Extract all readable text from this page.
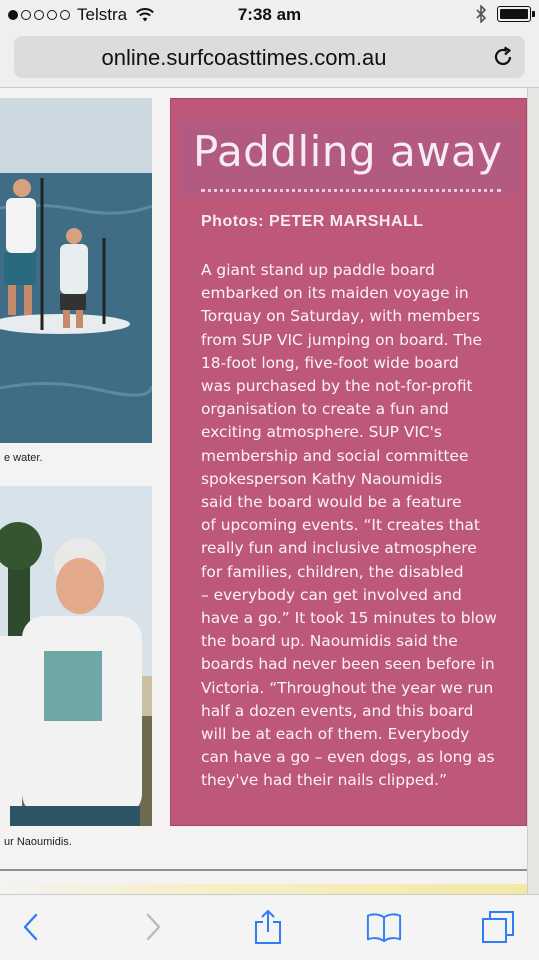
Telstra	7:38 am
online.surfcoasttimes.com.au
e water.
ur Naoumidis.
Paddling away
Photos: PETER MARSHALL
A giant stand up paddle board
embarked on its maiden voyage in
Torquay on Saturday, with members
from SUP VIC jumping on board. The
18-foot long, five-foot wide board
was purchased by the not-for-profit
organisation to create a fun and
exciting atmosphere. SUP VIC's
membership and social committee
spokesperson Kathy Naoumidis
said the board would be a feature
of upcoming events. “It creates that
really fun and inclusive atmosphere
for families, children, the disabled
– everybody can get involved and
have a go.” It took 15 minutes to blow
the board up. Naoumidis said the
boards had never been seen before in
Victoria. “Throughout the year we run
half a dozen events, and this board
will be at each of them. Everybody
can have a go – even dogs, as long as
they've had their nails clipped.”
